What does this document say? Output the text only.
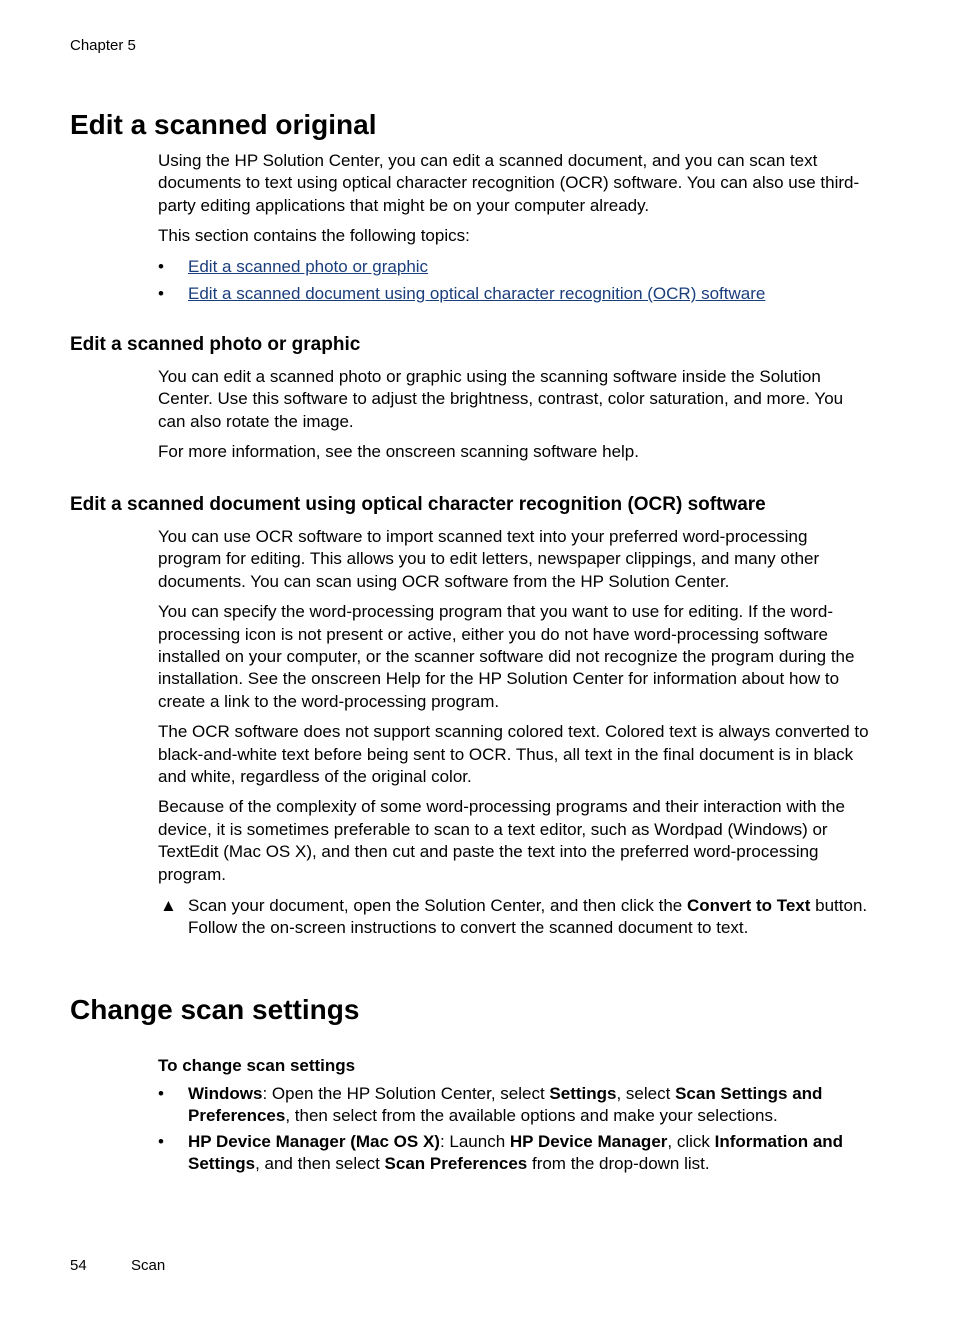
Chapter 5
Edit a scanned original

Using the HP Solution Center, you can edit a scanned document, and you can scan text documents to text using optical character recognition (OCR) software. You can also use third-party editing applications that might be on your computer already.

This section contains the following topics:

• Edit a scanned photo or graphic
• Edit a scanned document using optical character recognition (OCR) software
Edit a scanned photo or graphic

You can edit a scanned photo or graphic using the scanning software inside the Solution Center. Use this software to adjust the brightness, contrast, color saturation, and more. You can also rotate the image.

For more information, see the onscreen scanning software help.

Edit a scanned document using optical character recognition (OCR) software

You can use OCR software to import scanned text into your preferred word-processing program for editing. This allows you to edit letters, newspaper clippings, and many other documents. You can scan using OCR software from the HP Solution Center.

You can specify the word-processing program that you want to use for editing. If the word-processing icon is not present or active, either you do not have word-processing software installed on your computer, or the scanner software did not recognize the program during the installation. See the onscreen Help for the HP Solution Center for information about how to create a link to the word-processing program.

The OCR software does not support scanning colored text. Colored text is always converted to black-and-white text before being sent to OCR. Thus, all text in the final document is in black and white, regardless of the original color.

Because of the complexity of some word-processing programs and their interaction with the device, it is sometimes preferable to scan to a text editor, such as Wordpad (Windows) or TextEdit (Mac OS X), and then cut and paste the text into the preferred word-processing program.

▲ Scan your document, open the Solution Center, and then click the Convert to Text button. Follow the on-screen instructions to convert the scanned document to text.
Change scan settings
To change scan settings
• Windows: Open the HP Solution Center, select Settings, select Scan Settings and Preferences, then select from the available options and make your selections.
• HP Device Manager (Mac OS X): Launch HP Device Manager, click Information and Settings, and then select Scan Preferences from the drop-down list.
54	Scan
